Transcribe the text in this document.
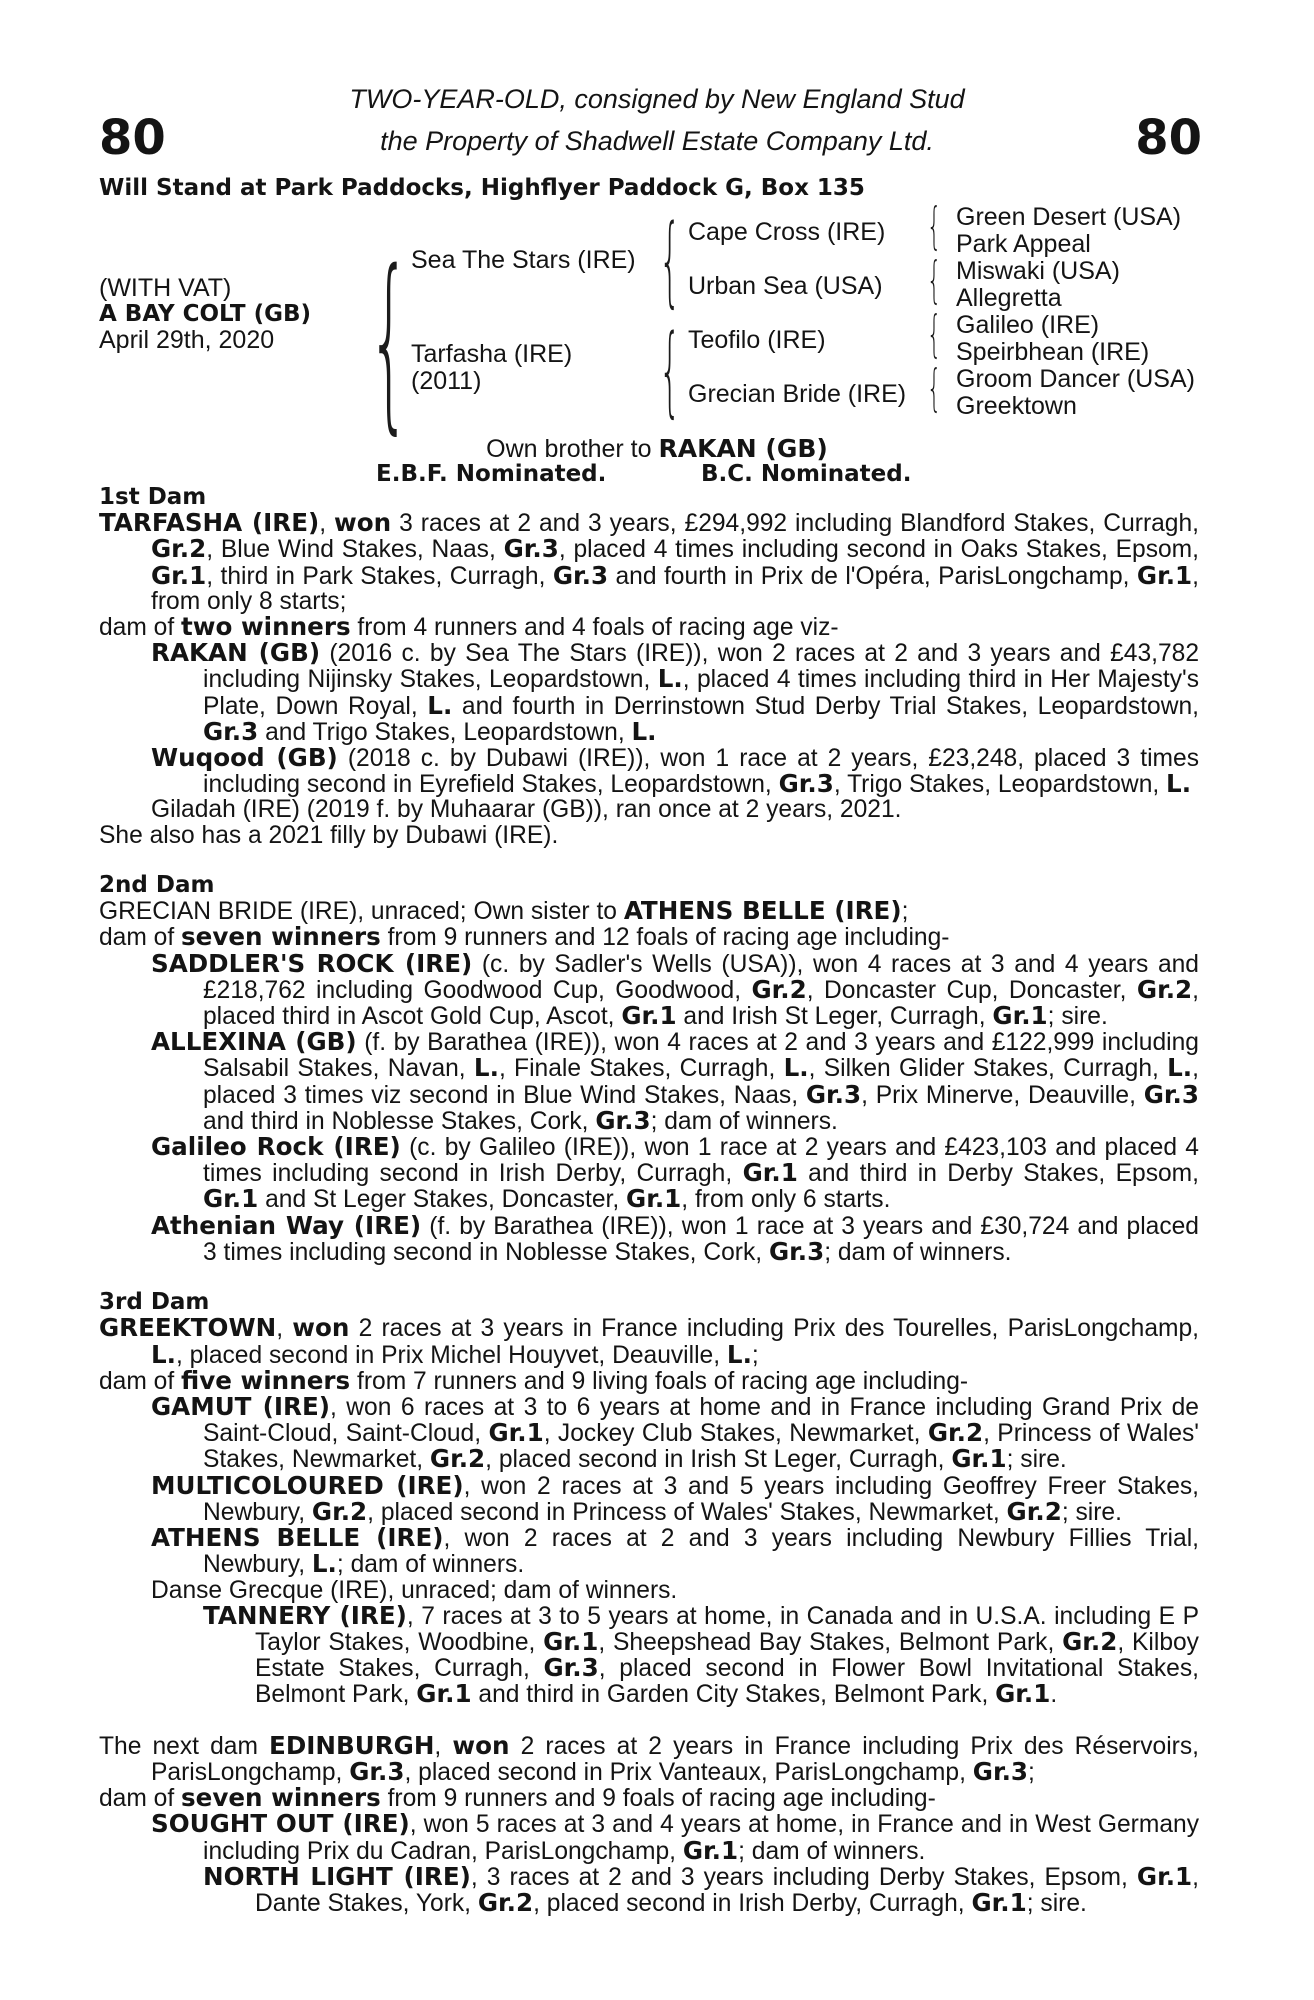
TWO-YEAR-OLD, consigned by New England Stud
the Property of Shadwell Estate Company Ltd.
80	80
Will Stand at Park Paddocks, Highflyer Paddock G, Box 135
(WITH VAT)
A BAY COLT (GB)
April 29th, 2020 { Sea The Stars (IRE)
Tarfasha (IRE)
(2011)
{
{
Cape Cross (IRE)
Urban Sea (USA)
Teofilo (IRE)
Grecian Bride (IRE)
{
{
{
{
Green Desert (USA)
Park Appeal
Miswaki (USA)
Allegretta
Galileo (IRE)
Speirbhean (IRE)
Groom Dancer (USA)
Greektown
Own brother to RAKAN (GB)
E.B.F. Nominated.	B.C. Nominated.

1st Dam

TARFASHA (IRE), won 3 races at 2 and 3 years, £294,992 including Blandford Stakes, Curragh, Gr.2, Blue Wind Stakes, Naas, Gr.3, placed 4 times including second in Oaks Stakes, Epsom, Gr.1, third in Park Stakes, Curragh, Gr.3 and fourth in Prix de l'Opéra, ParisLongchamp, Gr.1, from only 8 starts;

dam of two winners from 4 runners and 4 foals of racing age viz-

RAKAN (GB) (2016 c. by Sea The Stars (IRE)), won 2 races at 2 and 3 years and £43,782 including Nijinsky Stakes, Leopardstown, L., placed 4 times including third in Her Majesty's Plate, Down Royal, L. and fourth in Derrinstown Stud Derby Trial Stakes, Leopardstown, Gr.3 and Trigo Stakes, Leopardstown, L.

Wuqood (GB) (2018 c. by Dubawi (IRE)), won 1 race at 2 years, £23,248, placed 3 times including second in Eyrefield Stakes, Leopardstown, Gr.3, Trigo Stakes, Leopardstown, L.

Giladah (IRE) (2019 f. by Muhaarar (GB)), ran once at 2 years, 2021.

She also has a 2021 filly by Dubawi (IRE).

2nd Dam

GRECIAN BRIDE (IRE), unraced; Own sister to ATHENS BELLE (IRE);

dam of seven winners from 9 runners and 12 foals of racing age including-

SADDLER'S ROCK (IRE) (c. by Sadler's Wells (USA)), won 4 races at 3 and 4 years and £218,762 including Goodwood Cup, Goodwood, Gr.2, Doncaster Cup, Doncaster, Gr.2, placed third in Ascot Gold Cup, Ascot, Gr.1 and Irish St Leger, Curragh, Gr.1; sire.

ALLEXINA (GB) (f. by Barathea (IRE)), won 4 races at 2 and 3 years and £122,999 including Salsabil Stakes, Navan, L., Finale Stakes, Curragh, L., Silken Glider Stakes, Curragh, L., placed 3 times viz second in Blue Wind Stakes, Naas, Gr.3, Prix Minerve, Deauville, Gr.3 and third in Noblesse Stakes, Cork, Gr.3; dam of winners.

Galileo Rock (IRE) (c. by Galileo (IRE)), won 1 race at 2 years and £423,103 and placed 4 times including second in Irish Derby, Curragh, Gr.1 and third in Derby Stakes, Epsom, Gr.1 and St Leger Stakes, Doncaster, Gr.1, from only 6 starts.

Athenian Way (IRE) (f. by Barathea (IRE)), won 1 race at 3 years and £30,724 and placed 3 times including second in Noblesse Stakes, Cork, Gr.3; dam of winners.

3rd Dam

GREEKTOWN, won 2 races at 3 years in France including Prix des Tourelles, ParisLongchamp, L., placed second in Prix Michel Houyvet, Deauville, L.;

dam of five winners from 7 runners and 9 living foals of racing age including-

GAMUT (IRE), won 6 races at 3 to 6 years at home and in France including Grand Prix de Saint-Cloud, Saint-Cloud, Gr.1, Jockey Club Stakes, Newmarket, Gr.2, Princess of Wales' Stakes, Newmarket, Gr.2, placed second in Irish St Leger, Curragh, Gr.1; sire.

MULTICOLOURED (IRE), won 2 races at 3 and 5 years including Geoffrey Freer Stakes, Newbury, Gr.2, placed second in Princess of Wales' Stakes, Newmarket, Gr.2; sire.

ATHENS BELLE (IRE), won 2 races at 2 and 3 years including Newbury Fillies Trial, Newbury, L.; dam of winners.

Danse Grecque (IRE), unraced; dam of winners.

TANNERY (IRE), 7 races at 3 to 5 years at home, in Canada and in U.S.A. including E P Taylor Stakes, Woodbine, Gr.1, Sheepshead Bay Stakes, Belmont Park, Gr.2, Kilboy Estate Stakes, Curragh, Gr.3, placed second in Flower Bowl Invitational Stakes, Belmont Park, Gr.1 and third in Garden City Stakes, Belmont Park, Gr.1.

The next dam EDINBURGH, won 2 races at 2 years in France including Prix des Réservoirs, ParisLongchamp, Gr.3, placed second in Prix Vanteaux, ParisLongchamp, Gr.3;

dam of seven winners from 9 runners and 9 foals of racing age including-

SOUGHT OUT (IRE), won 5 races at 3 and 4 years at home, in France and in West Germany including Prix du Cadran, ParisLongchamp, Gr.1; dam of winners.

NORTH LIGHT (IRE), 3 races at 2 and 3 years including Derby Stakes, Epsom, Gr.1, Dante Stakes, York, Gr.2, placed second in Irish Derby, Curragh, Gr.1; sire.
